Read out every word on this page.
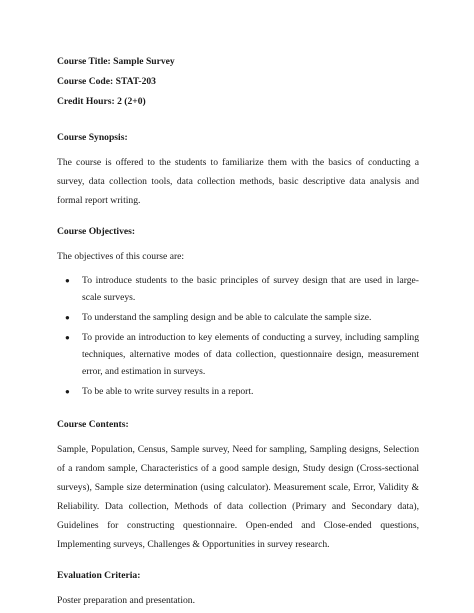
Course Title: Sample Survey
Course Code: STAT-203
Credit Hours: 2 (2+0)
Course Synopsis:

The course is offered to the students to familiarize them with the basics of conducting a survey, data collection tools, data collection methods, basic descriptive data analysis and formal report writing.

Course Objectives:
The objectives of this course are:
● To introduce students to the basic principles of survey design that are used in large-scale surveys.
● To understand the sampling design and be able to calculate the sample size.
● To provide an introduction to key elements of conducting a survey, including sampling techniques, alternative modes of data collection, questionnaire design, measurement error, and estimation in surveys.
● To be able to write survey results in a report.
Course Contents:

Sample, Population, Census, Sample survey, Need for sampling, Sampling designs, Selection of a random sample, Characteristics of a good sample design, Study design (Cross-sectional surveys), Sample size determination (using calculator). Measurement scale, Error, Validity & Reliability. Data collection, Methods of data collection (Primary and Secondary data), Guidelines for constructing questionnaire. Open-ended and Close-ended questions, Implementing surveys, Challenges & Opportunities in survey research.

Evaluation Criteria:
Poster preparation and presentation.
